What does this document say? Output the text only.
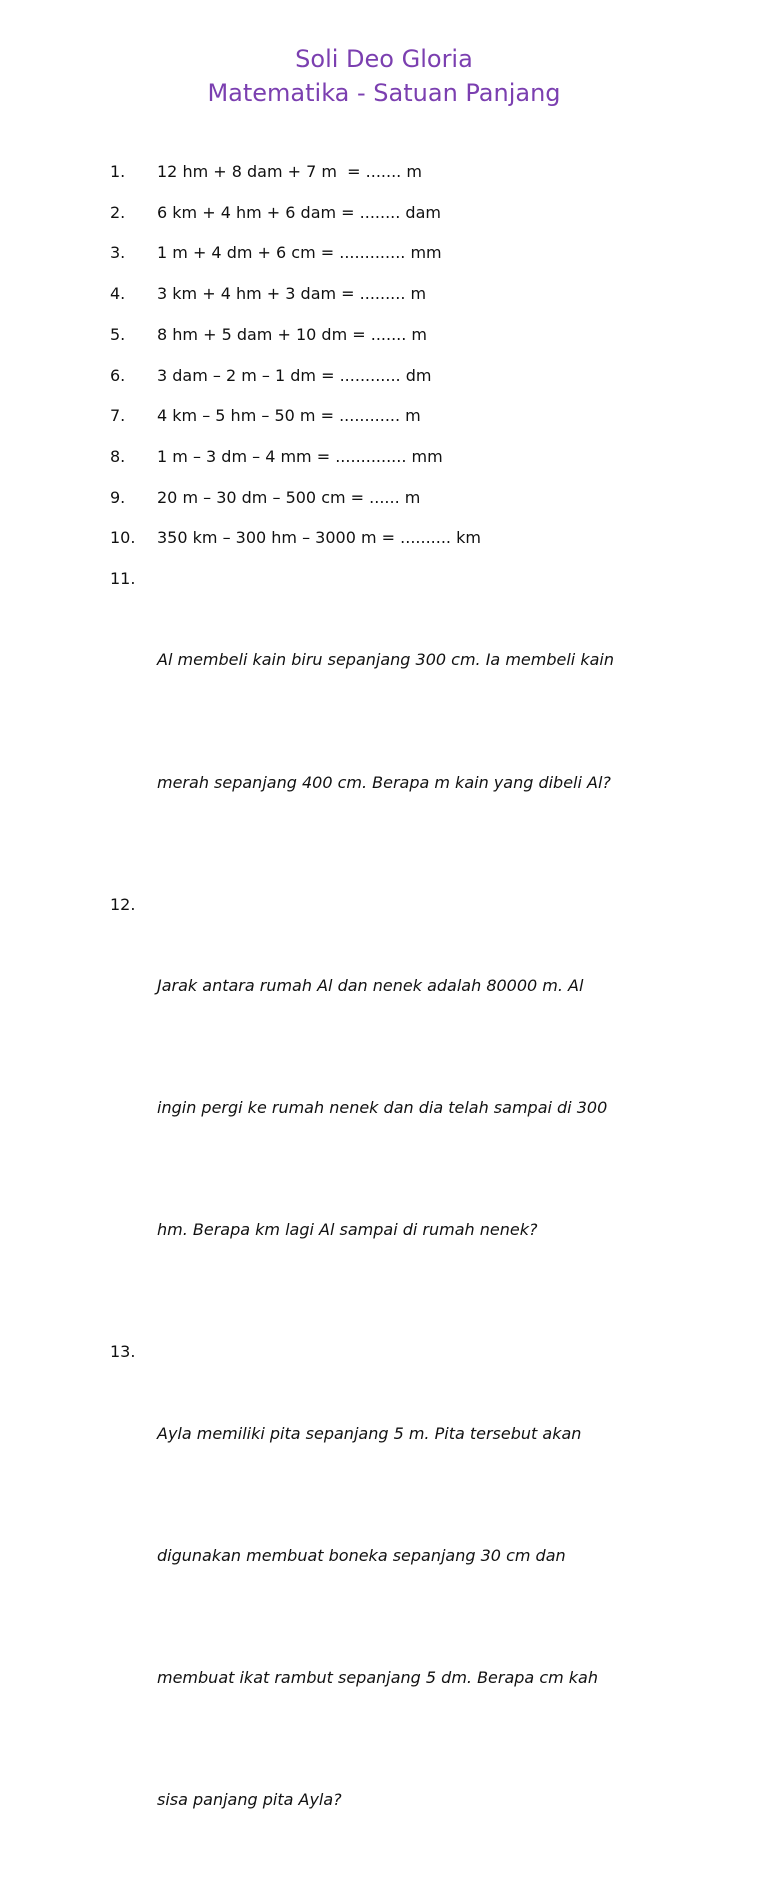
Soli Deo Gloria
Matematika - Satuan Panjang
1.	12 hm + 8 dam + 7 m  = ....... m
2.	6 km + 4 hm + 6 dam = ........ dam
3.	1 m + 4 dm + 6 cm = ............. mm
4.	3 km + 4 hm + 3 dam = ......... m
5.	8 hm + 5 dam + 10 dm = ....... m
6.	3 dam – 2 m – 1 dm = ............ dm
7.	4 km – 5 hm – 50 m = ............ m
8.	1 m – 3 dm – 4 mm = .............. mm
9.	20 m – 30 dm – 500 cm = ...... m
10.	350 km – 300 hm – 3000 m = .......... km
11.

Al membeli kain biru sepanjang 300 cm. Ia membeli kain

merah sepanjang 400 cm. Berapa m kain yang dibeli Al?

12.

Jarak antara rumah Al dan nenek adalah 80000 m. Al

ingin pergi ke rumah nenek dan dia telah sampai di 300

hm. Berapa km lagi Al sampai di rumah nenek?

13.

Ayla memiliki pita sepanjang 5 m. Pita tersebut akan

digunakan membuat boneka sepanjang 30 cm dan

membuat ikat rambut sepanjang 5 dm. Berapa cm kah

sisa panjang pita Ayla?
